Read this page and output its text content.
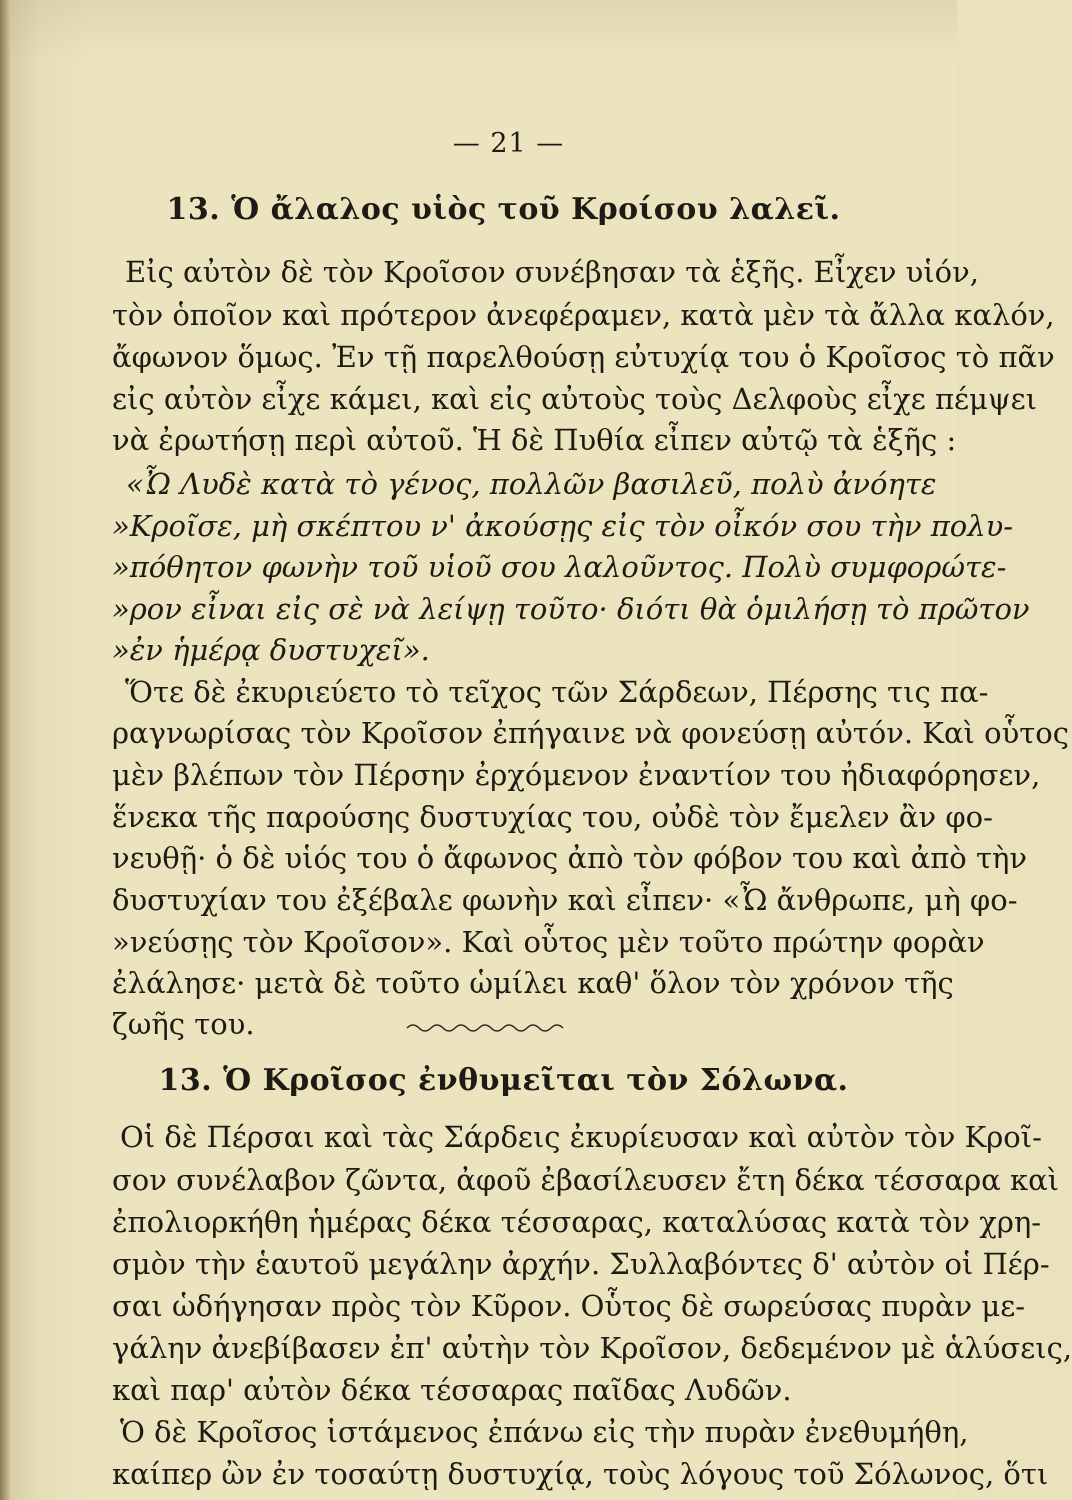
— 21 —
13. Ὁ ἄλαλος υἱὸς τοῦ Κροίσου λαλεῖ.
Εἰς αὐτὸν δὲ τὸν Κροῖσον συνέβησαν τὰ ἑξῆς. Εἶχεν υἱόν,
τὸν ὁποῖον καὶ πρότερον ἀνεφέραμεν, κατὰ μὲν τὰ ἄλλα καλόν,
ἄφωνον ὅμως. Ἐν τῇ παρελθούσῃ εὐτυχίᾳ του ὁ Κροῖσος τὸ πᾶν
εἰς αὐτὸν εἶχε κάμει, καὶ εἰς αὐτοὺς τοὺς Δελφοὺς εἶχε πέμψει
νὰ ἐρωτήσῃ περὶ αὐτοῦ. Ἡ δὲ Πυθία εἶπεν αὐτῷ τὰ ἑξῆς :
«Ὦ Λυδὲ κατὰ τὸ γένος, πολλῶν βασιλεῦ, πολὺ ἀνόητε
»Κροῖσε, μὴ σκέπτου ν' ἀκούσῃς εἰς τὸν οἶκόν σου τὴν πολυ-
»πόθητον φωνὴν τοῦ υἱοῦ σου λαλοῦντος. Πολὺ συμφορώτε-
»ρον εἶναι εἰς σὲ νὰ λείψῃ τοῦτο· διότι θὰ ὁμιλήσῃ τὸ πρῶτον
»ἐν ἡμέρᾳ δυστυχεῖ».
Ὅτε δὲ ἐκυριεύετο τὸ τεῖχος τῶν Σάρδεων, Πέρσης τις πα-
ραγνωρίσας τὸν Κροῖσον ἐπήγαινε νὰ φονεύσῃ αὐτόν. Καὶ οὗτος
μὲν βλέπων τὸν Πέρσην ἐρχόμενον ἐναντίον του ἠδιαφόρησεν,
ἕνεκα τῆς παρούσης δυστυχίας του, οὐδὲ τὸν ἔμελεν ἂν φο-
νευθῇ· ὁ δὲ υἱός του ὁ ἄφωνος ἀπὸ τὸν φόβον του καὶ ἀπὸ τὴν
δυστυχίαν του ἐξέβαλε φωνὴν καὶ εἶπεν· «Ὦ ἄνθρωπε, μὴ φο-
»νεύσῃς τὸν Κροῖσον». Καὶ οὗτος μὲν τοῦτο πρώτην φορὰν
ἐλάλησε· μετὰ δὲ τοῦτο ὡμίλει καθ' ὅλον τὸν χρόνον τῆς
ζωῆς του.
13. Ὁ Κροῖσος ἐνθυμεῖται τὸν Σόλωνα.
Οἱ δὲ Πέρσαι καὶ τὰς Σάρδεις ἐκυρίευσαν καὶ αὐτὸν τὸν Κροῖ-
σον συνέλαβον ζῶντα, ἀφοῦ ἐβασίλευσεν ἔτη δέκα τέσσαρα καὶ
ἐπολιορκήθη ἡμέρας δέκα τέσσαρας, καταλύσας κατὰ τὸν χρη-
σμὸν τὴν ἑαυτοῦ μεγάλην ἀρχήν. Συλλαβόντες δ' αὐτὸν οἱ Πέρ-
σαι ὡδήγησαν πρὸς τὸν Κῦρον. Οὗτος δὲ σωρεύσας πυρὰν με-
γάλην ἀνεβίβασεν ἐπ' αὐτὴν τὸν Κροῖσον, δεδεμένον μὲ ἁλύσεις,
καὶ παρ' αὐτὸν δέκα τέσσαρας παῖδας Λυδῶν.
Ὁ δὲ Κροῖσος ἱστάμενος ἐπάνω εἰς τὴν πυρὰν ἐνεθυμήθη,
καίπερ ὢν ἐν τοσαύτῃ δυστυχίᾳ, τοὺς λόγους τοῦ Σόλωνος, ὅτι
